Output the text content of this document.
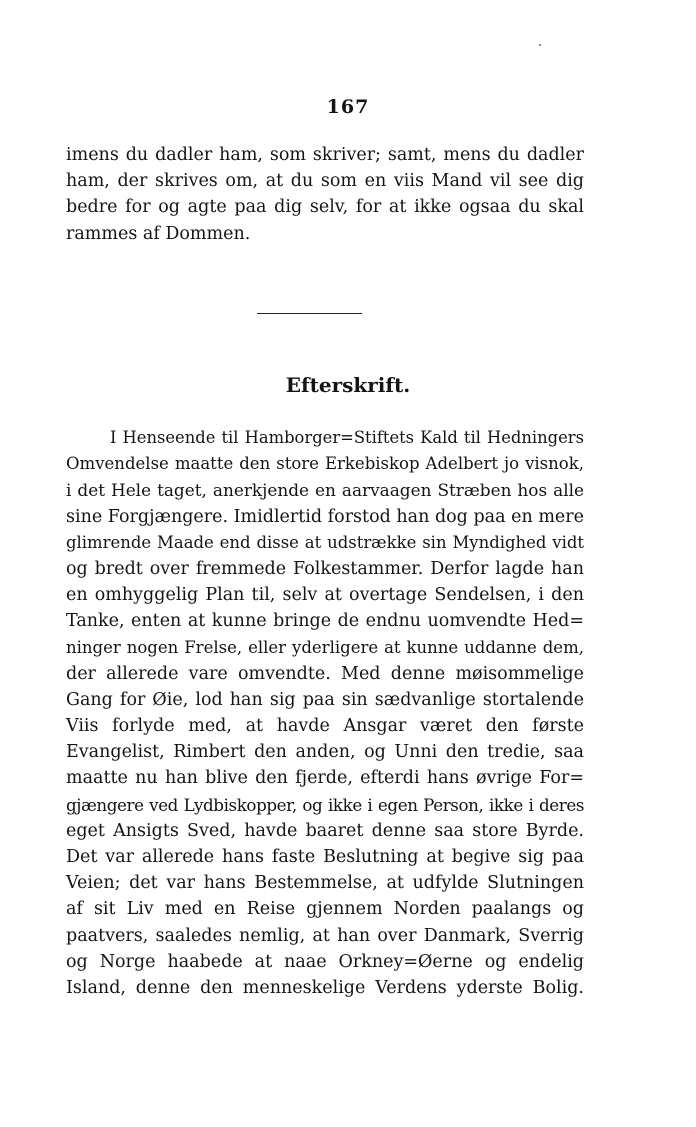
167
imens du dadler ham, som skriver; samt, mens du dadler
ham, der skrives om, at du som en viis Mand vil see dig
bedre for og agte paa dig selv, for at ikke ogsaa du skal
rammes af Dommen.
Efterskrift.
I Henseende til Hamborger=Stiftets Kald til Hedningers
Omvendelse maatte den store Erkebiskop Adelbert jo visnok,
i det Hele taget, anerkjende en aarvaagen Stræben hos alle
sine Forgjængere. Imidlertid forstod han dog paa en mere
glimrende Maade end disse at udstrække sin Myndighed vidt
og bredt over fremmede Folkestammer. Derfor lagde han
en omhyggelig Plan til, selv at overtage Sendelsen, i den
Tanke, enten at kunne bringe de endnu uomvendte Hed=
ninger nogen Frelse, eller yderligere at kunne uddanne dem,
der allerede vare omvendte. Med denne møisommelige
Gang for Øie, lod han sig paa sin sædvanlige stortalende
Viis forlyde med, at havde Ansgar været den første
Evangelist, Rimbert den anden, og Unni den tredie, saa
maatte nu han blive den fjerde, efterdi hans øvrige For=
gjængere ved Lydbiskopper, og ikke i egen Person, ikke i deres
eget Ansigts Sved, havde baaret denne saa store Byrde.
Det var allerede hans faste Beslutning at begive sig paa
Veien; det var hans Bestemmelse, at udfylde Slutningen
af sit Liv med en Reise gjennem Norden paalangs og
paatvers, saaledes nemlig, at han over Danmark, Sverrig
og Norge haabede at naae Orkney=Øerne og endelig
Island, denne den menneskelige Verdens yderste Bolig.
